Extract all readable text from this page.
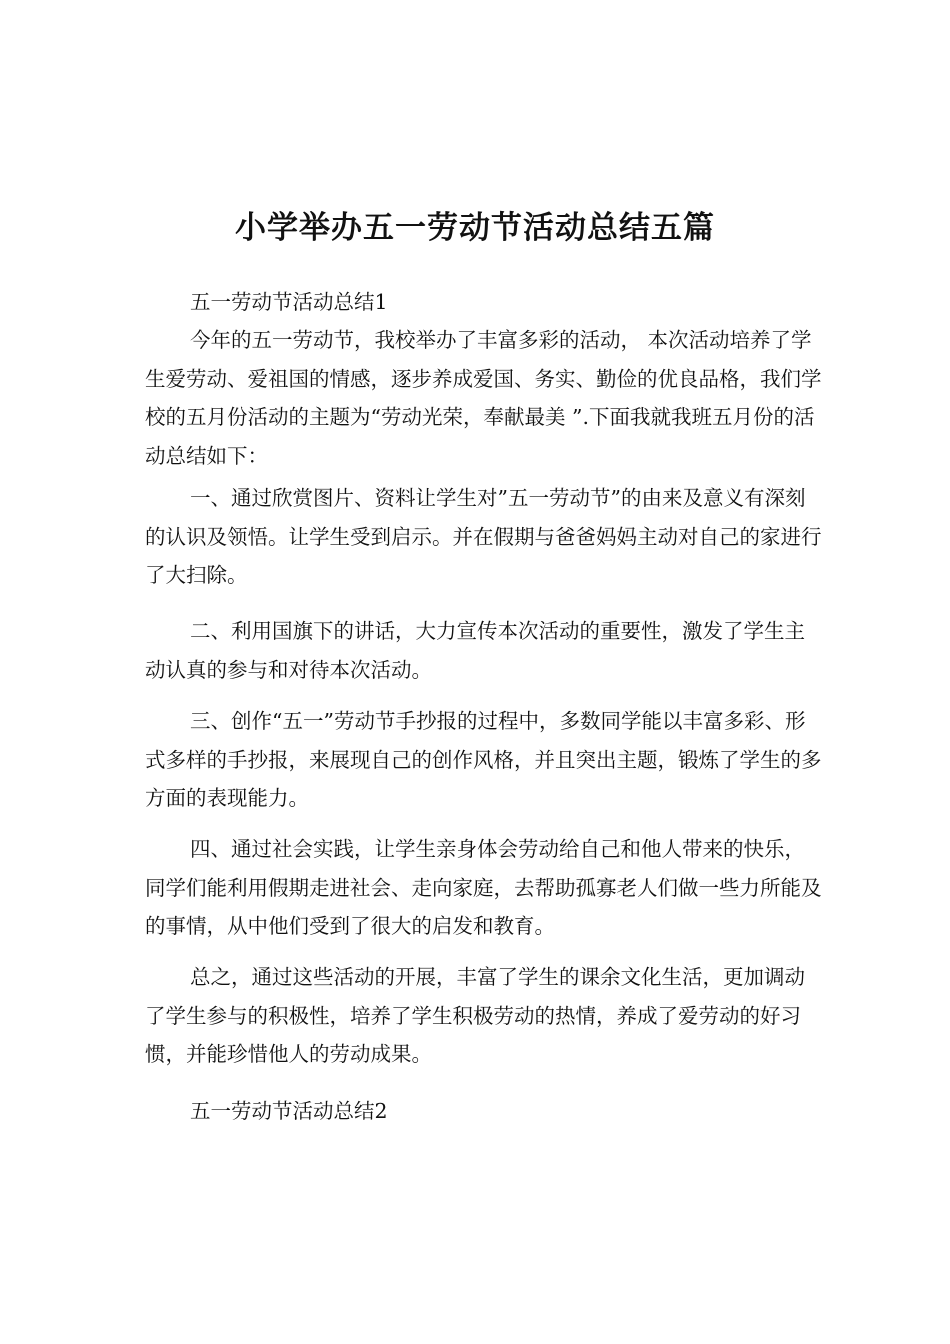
小学举办五一劳动节活动总结五篇

五一劳动节活动总结1

今年的五一劳动节，我校举办了丰富多彩的活动， 本次活动培养了学生爱劳动、爱祖国的情感，逐步养成爱国、务实、勤俭的优良品格，我们学校的五月份活动的主题为“劳动光荣，奉献最美 ”.下面我就我班五月份的活动总结如下：

一、通过欣赏图片、资料让学生对”五一劳动节”的由来及意义有深刻的认识及领悟。让学生受到启示。并在假期与爸爸妈妈主动对自己的家进行了大扫除。

二、利用国旗下的讲话，大力宣传本次活动的重要性，激发了学生主动认真的参与和对待本次活动。

三、创作“五一”劳动节手抄报的过程中，多数同学能以丰富多彩、形式多样的手抄报，来展现自己的创作风格，并且突出主题，锻炼了学生的多方面的表现能力。

四、通过社会实践，让学生亲身体会劳动给自己和他人带来的快乐，同学们能利用假期走进社会、走向家庭，去帮助孤寡老人们做一些力所能及的事情，从中他们受到了很大的启发和教育。

总之，通过这些活动的开展，丰富了学生的课余文化生活，更加调动了学生参与的积极性，培养了学生积极劳动的热情，养成了爱劳动的好习惯，并能珍惜他人的劳动成果。

五一劳动节活动总结2
